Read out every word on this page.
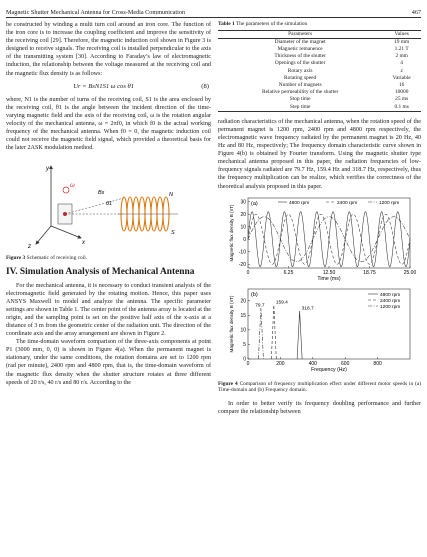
Magnetic Shutter Mechanical Antenna for Cross-Media Communication	467

be constructed by winding a multi turn coil around an iron core. The function of the iron core is to increase the coupling coefficient and improve the sensitivity of the receiving coil [29]. Therefore, the magnetic induction coil shown in Figure 3 is designed to receive signals. The receiving coil is installed perpendicular to the axis of the transmitting system [30]. According to Faraday’s law of electromagnetic induction, the relationship between the voltage measured at the receiving coil and the magnetic flux density is as follows:

Ur = BsN1S1 ω cos θ1	(8)

where, N1 is the number of turns of the receiving coil, S1 is the area enclosed by the receiving coil, θ1 is the angle between the incident direction of the time-varying magnetic field and the axis of the receiving coil, ω is the rotation angular velocity of the mechanical antenna, ω = 2πf0, in which f0 is the actual working frequency of the mechanical antenna. When f0 = 0, the magnetic induction coil could not receive the magnetic field signal, which provided a theoretical basis for the later 2ASK modulation method.

y
x
z
ω
θ1
Bs	N
S
Figure 3 Schematic of receiving coil.
IV. Simulation Analysis of Mechanical Antenna

For the mechanical antenna, it is necessary to conduct transient analysis of the electromagnetic field generated by the rotating motion. Hence, this paper uses ANSYS Maxwell to model and analyze the antenna. The specific parameter settings are shown in Table 1. The center point of the antenna array is located at the origin, and the sampling point is set on the positive half axis of the x-axis at a distance of 3 m from the geometric center of the radiation unit. The direction of the coordinate axis and the array arrangement are shown in Figure 2.

The time-domain waveform comparison of the three-axis components at point P1 (3000 mm, 0, 0) is shown in Figure 4(a). When the permanent magnet is stationary, under the same conditions, the rotation domains are set to 1200 rpm (rad per minute), 2400 rpm and 4800 rpm, that is, the time-domain waveform of the magnetic flux density when the shutter structure rotates at three different speeds of 20 r/s, 40 r/s and 80 r/s. According to the

Table 1 The parameters of the simulation
Parameters	Values
Diameter of the magnet	19 mm
Magnetic remanence	1.21 T
Thickness of the shutter	2 mm
Openings of the shutter	4
Rotary axis	z
Rotating speed	Variable
Number of magnets	16
Relative permeability of the shutter	10000
Stop time	25 ms
Step time	0.1 ms

radiation characteristics of the mechanical antenna, when the rotation speed of the permanent magnet is 1200 rpm, 2400 rpm and 4800 rpm respectively, the electromagnetic wave frequency radiated by the permanent magnet is 20 Hz, 40 Hz and 80 Hz, respectively; The frequency domain characteristic curve shown in Figure 4(b) is obtained by Fourier transform. Using the magnetic shutter type mechanical antenna proposed in this paper, the radiation frequencies of low-frequency signals radiated are 79.7 Hz, 159.4 Hz and 318.7 Hz, respectively, thus the frequency multiplication can be realize, which verifies the correctness of the theoretical analysis proposed in this paper.

0	6.25	12.50	18.75	25.00
-20
-10
0
10
20
30
Time (ms)
Magnetic flux density B (nT)
(a)	4800 rpm	2400 rpm	1200 rpm

0	200	400	600	800
0
5
10
15
20
Frequency (Hz)
Magnetic flux density B (nT)
(b)	4800 rpm
2400 rpm
1200 rpm
79.7
159.4
318.7
Figure 4 Comparison of frequency multiplication effect under different motor speeds in (a) Time-domain and (b) Frequency domain.

In order to better verify its frequency doubling performance and further compare the relationship between
